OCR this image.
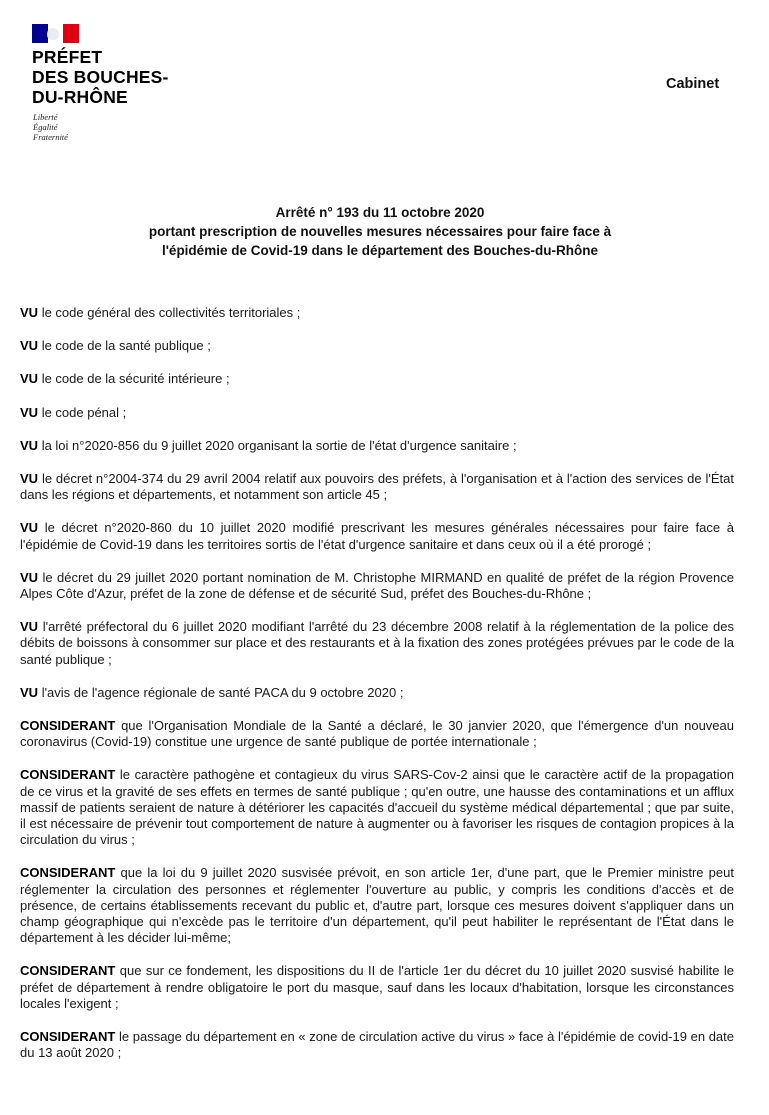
PRÉFET
DES BOUCHES-
DU-RHÔNE
Liberté
Égalité
Fraternité
Cabinet
Arrêté n° 193 du 11 octobre 2020
portant prescription de nouvelles mesures nécessaires pour faire face à
l'épidémie de Covid-19 dans le département des Bouches-du-Rhône

VU le code général des collectivités territoriales ;

VU le code de la santé publique ;

VU le code de la sécurité intérieure ;

VU le code pénal ;

VU la loi n°2020-856 du 9 juillet 2020 organisant la sortie de l'état d'urgence sanitaire ;

VU le décret n°2004-374 du 29 avril 2004 relatif aux pouvoirs des préfets, à l'organisation et à l'action des services de l'État dans les régions et départements, et notamment son article 45 ;

VU le décret n°2020-860 du 10 juillet 2020 modifié prescrivant les mesures générales nécessaires pour faire face à l'épidémie de Covid-19 dans les territoires sortis de l'état d'urgence sanitaire et dans ceux où il a été prorogé ;

VU le décret du 29 juillet 2020 portant nomination de M. Christophe MIRMAND en qualité de préfet de la région Provence Alpes Côte d'Azur, préfet de la zone de défense et de sécurité Sud, préfet des Bouches-du-Rhône ;

VU l'arrêté préfectoral du 6 juillet 2020 modifiant l'arrêté du 23 décembre 2008 relatif à la réglementation de la police des débits de boissons à consommer sur place et des restaurants et à la fixation des zones protégées prévues par le code de la santé publique ;

VU l'avis de l'agence régionale de santé PACA du 9 octobre 2020 ;

CONSIDERANT que l'Organisation Mondiale de la Santé a déclaré, le 30 janvier 2020, que l'émergence d'un nouveau coronavirus (Covid-19) constitue une urgence de santé publique de portée internationale ;

CONSIDERANT le caractère pathogène et contagieux du virus SARS-Cov-2 ainsi que le caractère actif de la propagation de ce virus et la gravité de ses effets en termes de santé publique ; qu'en outre, une hausse des contaminations et un afflux massif de patients seraient de nature à détériorer les capacités d'accueil du système médical départemental ; que par suite, il est nécessaire de prévenir tout comportement de nature à augmenter ou à favoriser les risques de contagion propices à la circulation du virus ;

CONSIDERANT que la loi du 9 juillet 2020 susvisée prévoit, en son article 1er, d'une part, que le Premier ministre peut réglementer la circulation des personnes et réglementer l'ouverture au public, y compris les conditions d'accès et de présence, de certains établissements recevant du public et, d'autre part, lorsque ces mesures doivent s'appliquer dans un champ géographique qui n'excède pas le territoire d'un département, qu'il peut habiliter le représentant de l'État dans le département à les décider lui-même;

CONSIDERANT que sur ce fondement, les dispositions du II de l'article 1er du décret du 10 juillet 2020 susvisé habilite le préfet de département à rendre obligatoire le port du masque, sauf dans les locaux d'habitation, lorsque les circonstances locales l'exigent ;

CONSIDERANT le passage du département en « zone de circulation active du virus » face à l'épidémie de covid-19 en date du 13 août 2020 ;
